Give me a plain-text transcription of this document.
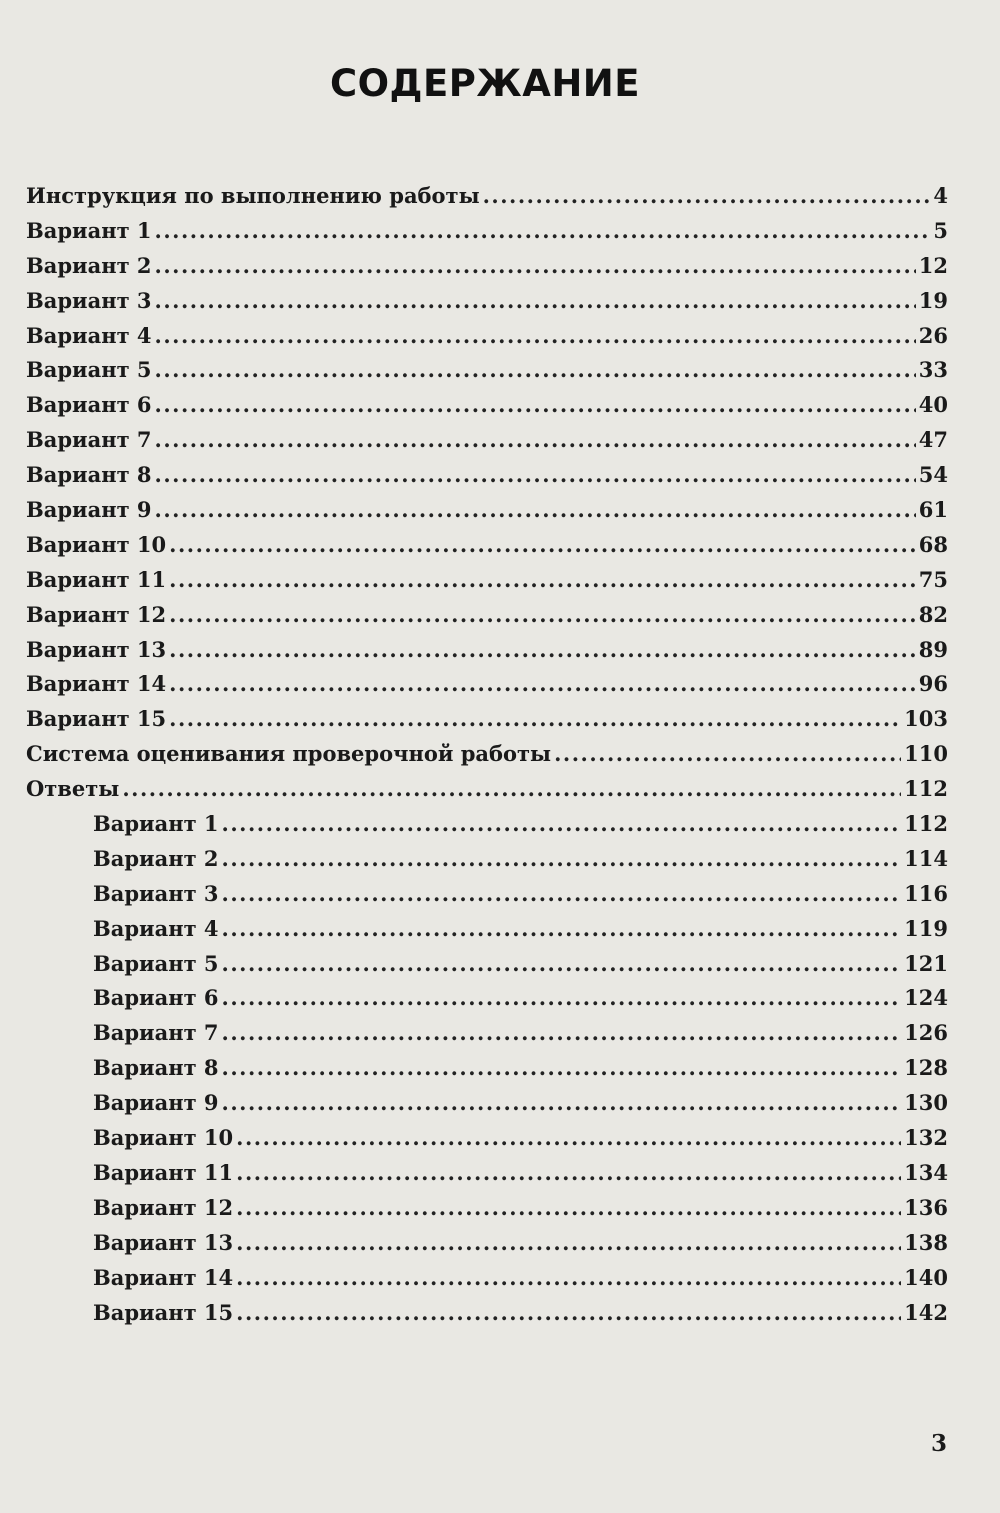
СОДЕРЖАНИЕ
Инструкция по выполнению работы .....	4
Вариант 1 .....	5
Вариант 2 .....	12
Вариант 3 .....	19
Вариант 4 .....	26
Вариант 5 .....	33
Вариант 6 .....	40
Вариант 7 .....	47
Вариант 8 .....	54
Вариант 9 .....	61
Вариант 10 .....	68
Вариант 11 .....	75
Вариант 12 .....	82
Вариант 13 .....	89
Вариант 14 .....	96
Вариант 15 .....	103
Система оценивания проверочной работы .....	110
Ответы .....	112
Вариант 1 .....	112
Вариант 2 .....	114
Вариант 3 .....	116
Вариант 4 .....	119
Вариант 5 .....	121
Вариант 6 .....	124
Вариант 7 .....	126
Вариант 8 .....	128
Вариант 9 .....	130
Вариант 10 .....	132
Вариант 11 .....	134
Вариант 12 .....	136
Вариант 13 .....	138
Вариант 14 .....	140
Вариант 15 .....	142
3
